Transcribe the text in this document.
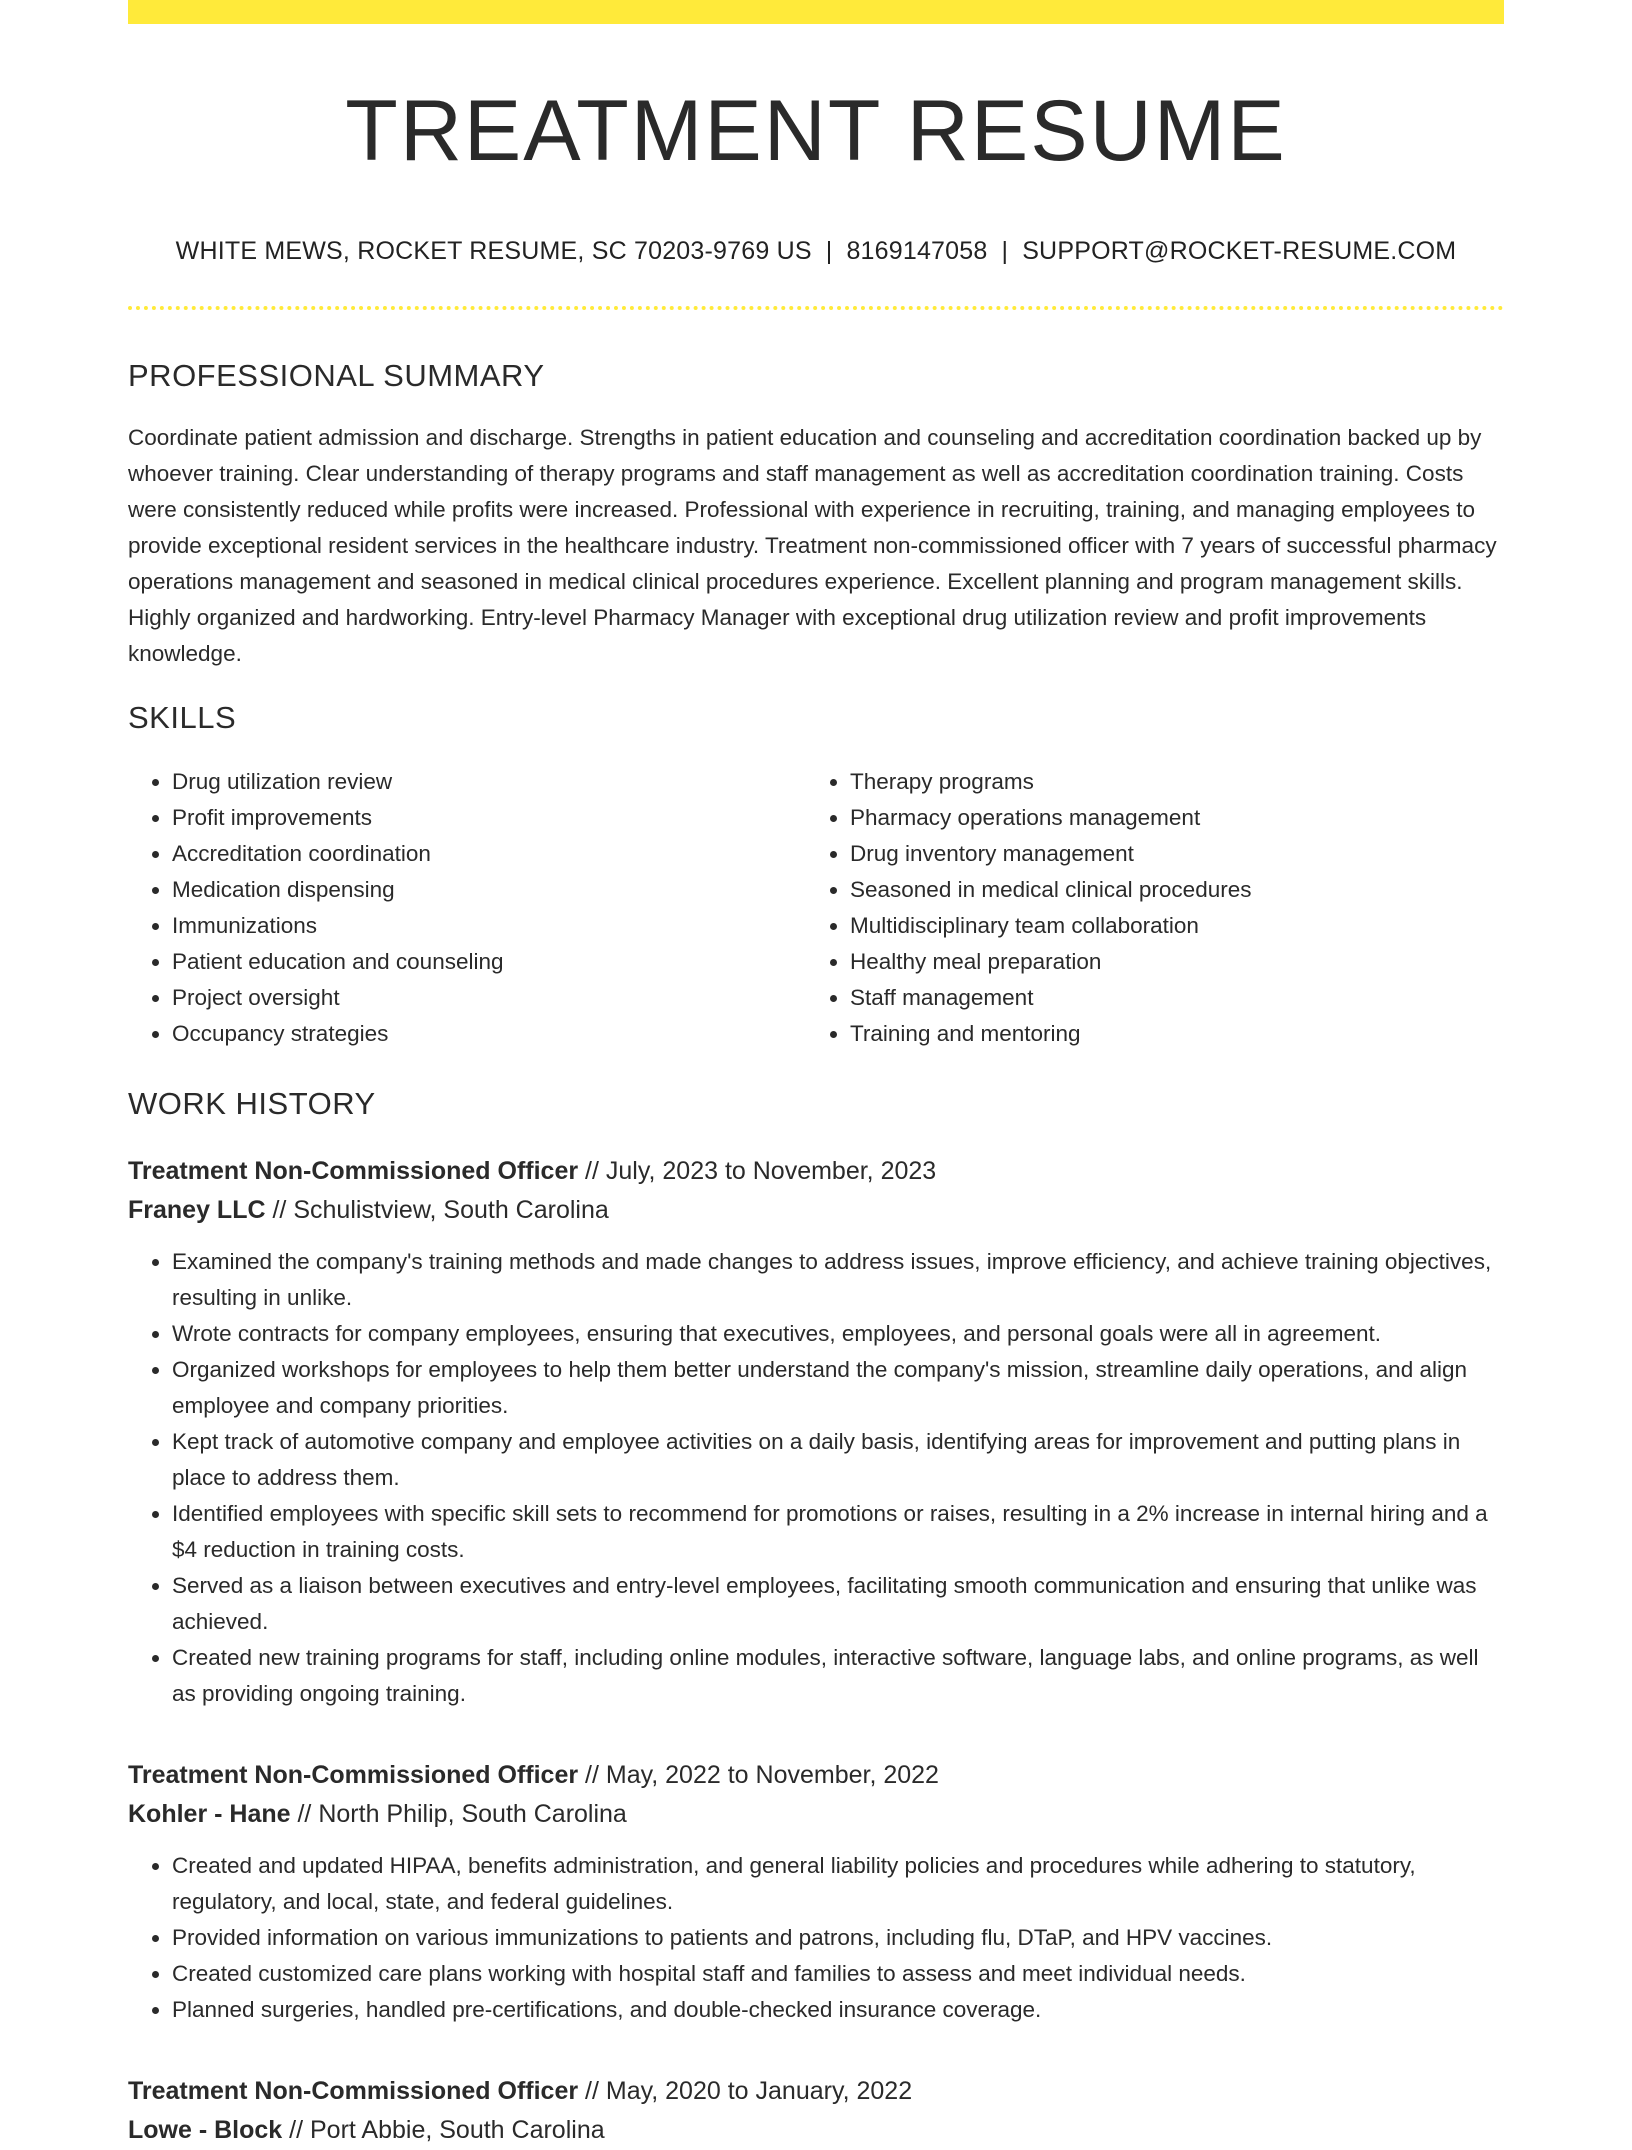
TREATMENT RESUME
WHITE MEWS, ROCKET RESUME, SC 70203-9769 US | 8169147058 | SUPPORT@ROCKET-RESUME.COM
PROFESSIONAL SUMMARY

Coordinate patient admission and discharge. Strengths in patient education and counseling and accreditation coordination backed up by whoever training. Clear understanding of therapy programs and staff management as well as accreditation coordination training. Costs were consistently reduced while profits were increased. Professional with experience in recruiting, training, and managing employees to provide exceptional resident services in the healthcare industry. Treatment non-commissioned officer with 7 years of successful pharmacy operations management and seasoned in medical clinical procedures experience. Excellent planning and program management skills. Highly organized and hardworking. Entry-level Pharmacy Manager with exceptional drug utilization review and profit improvements knowledge.

SKILLS
• Drug utilization review
• Profit improvements
• Accreditation coordination
• Medication dispensing
• Immunizations
• Patient education and counseling
• Project oversight
• Occupancy strategies
• Therapy programs
• Pharmacy operations management
• Drug inventory management
• Seasoned in medical clinical procedures
• Multidisciplinary team collaboration
• Healthy meal preparation
• Staff management
• Training and mentoring
WORK HISTORY
Treatment Non-Commissioned Officer // July, 2023 to November, 2023
Franey LLC // Schulistview, South Carolina
• Examined the company's training methods and made changes to address issues, improve efficiency, and achieve training objectives, resulting in unlike.
• Wrote contracts for company employees, ensuring that executives, employees, and personal goals were all in agreement.
• Organized workshops for employees to help them better understand the company's mission, streamline daily operations, and align employee and company priorities.
• Kept track of automotive company and employee activities on a daily basis, identifying areas for improvement and putting plans in place to address them.
• Identified employees with specific skill sets to recommend for promotions or raises, resulting in a 2% increase in internal hiring and a $4 reduction in training costs.
• Served as a liaison between executives and entry-level employees, facilitating smooth communication and ensuring that unlike was achieved.
• Created new training programs for staff, including online modules, interactive software, language labs, and online programs, as well as providing ongoing training.
Treatment Non-Commissioned Officer // May, 2022 to November, 2022
Kohler - Hane // North Philip, South Carolina
• Created and updated HIPAA, benefits administration, and general liability policies and procedures while adhering to statutory, regulatory, and local, state, and federal guidelines.
• Provided information on various immunizations to patients and patrons, including flu, DTaP, and HPV vaccines.
• Created customized care plans working with hospital staff and families to assess and meet individual needs.
• Planned surgeries, handled pre-certifications, and double-checked insurance coverage.
Treatment Non-Commissioned Officer // May, 2020 to January, 2022
Lowe - Block // Port Abbie, South Carolina
